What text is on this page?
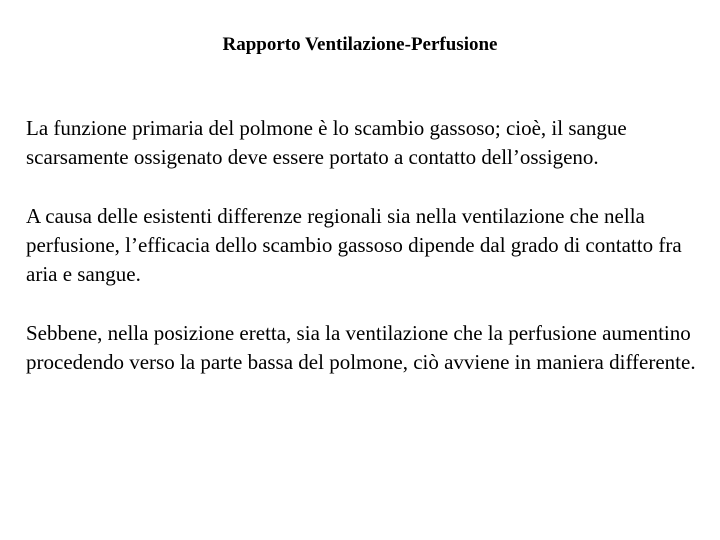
Rapporto Ventilazione-Perfusione

La funzione primaria del polmone è lo scambio gassoso; cioè, il sangue scarsamente ossigenato deve essere portato a contatto dell’ossigeno.

A causa delle esistenti differenze regionali sia nella ventilazione che nella perfusione, l’efficacia dello scambio gassoso dipende dal grado di contatto fra aria e sangue.

Sebbene, nella posizione eretta, sia la ventilazione che la perfusione aumentino procedendo verso la parte bassa del polmone, ciò avviene in maniera differente.
